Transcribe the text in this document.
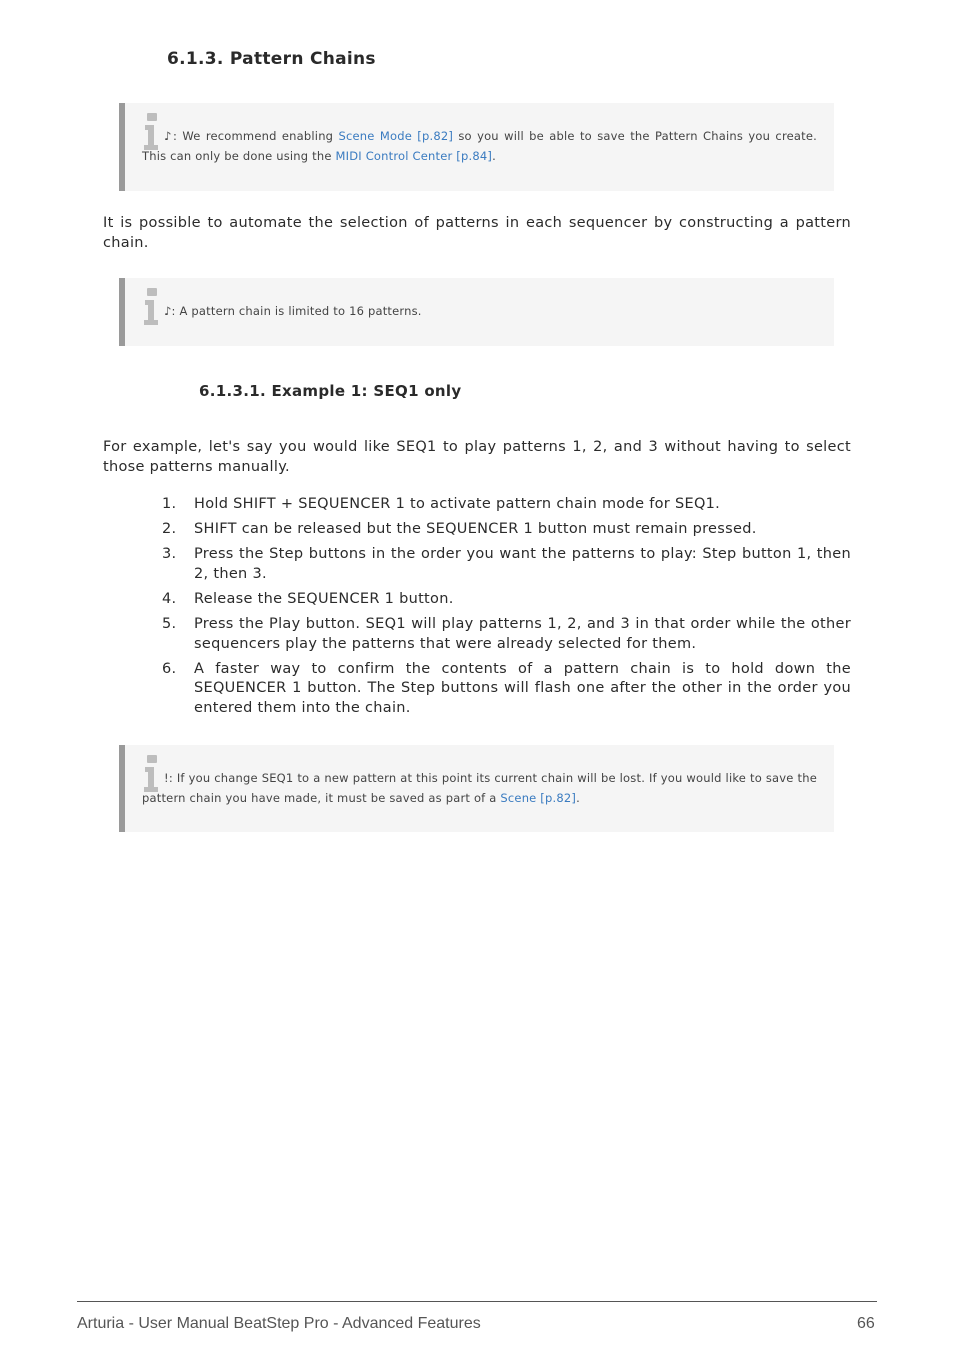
6.1.3. Pattern Chains
♪: We recommend enabling Scene Mode [p.82] so you will be able to save the Pattern Chains you create. This can only be done using the MIDI Control Center [p.84].
It is possible to automate the selection of patterns in each sequencer by constructing a pattern chain.
♪: A pattern chain is limited to 16 patterns.
6.1.3.1. Example 1: SEQ1 only
For example, let's say you would like SEQ1 to play patterns 1, 2, and 3 without having to select those patterns manually.
1. Hold SHIFT + SEQUENCER 1 to activate pattern chain mode for SEQ1.
2. SHIFT can be released but the SEQUENCER 1 button must remain pressed.
3. Press the Step buttons in the order you want the patterns to play: Step button 1, then 2, then 3.
4. Release the SEQUENCER 1 button.
5. Press the Play button. SEQ1 will play patterns 1, 2, and 3 in that order while the other sequencers play the patterns that were already selected for them.
6. A faster way to confirm the contents of a pattern chain is to hold down the SEQUENCER 1 button. The Step buttons will flash one after the other in the order you entered them into the chain.
!: If you change SEQ1 to a new pattern at this point its current chain will be lost. If you would like to save the pattern chain you have made, it must be saved as part of a Scene [p.82].
Arturia - User Manual BeatStep Pro - Advanced Features	66
